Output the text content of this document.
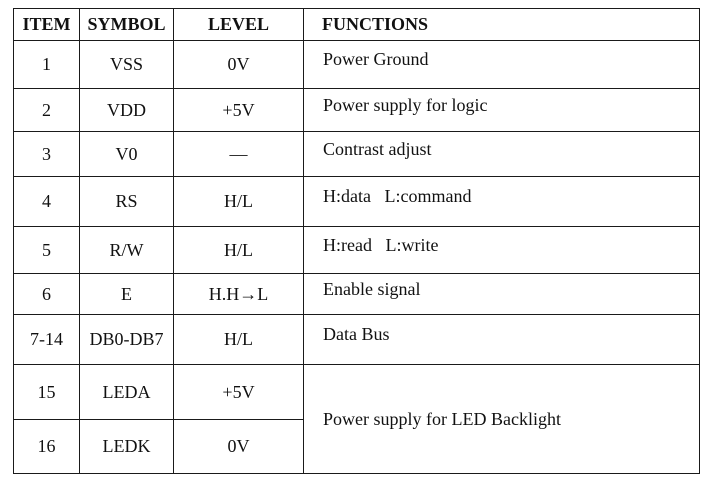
ITEM	SYMBOL	LEVEL	FUNCTIONS
1	VSS	0V	Power Ground
2	VDD	+5V	Power supply for logic
3	V0	—	Contrast adjust
4	RS	H/L	H:data   L:command
5	R/W	H/L	H:read   L:write
6	E	H.H→L	Enable signal
7-14	DB0-DB7	H/L	Data Bus
15	LEDA	+5V	Power supply for LED Backlight
16	LEDK	0V	
